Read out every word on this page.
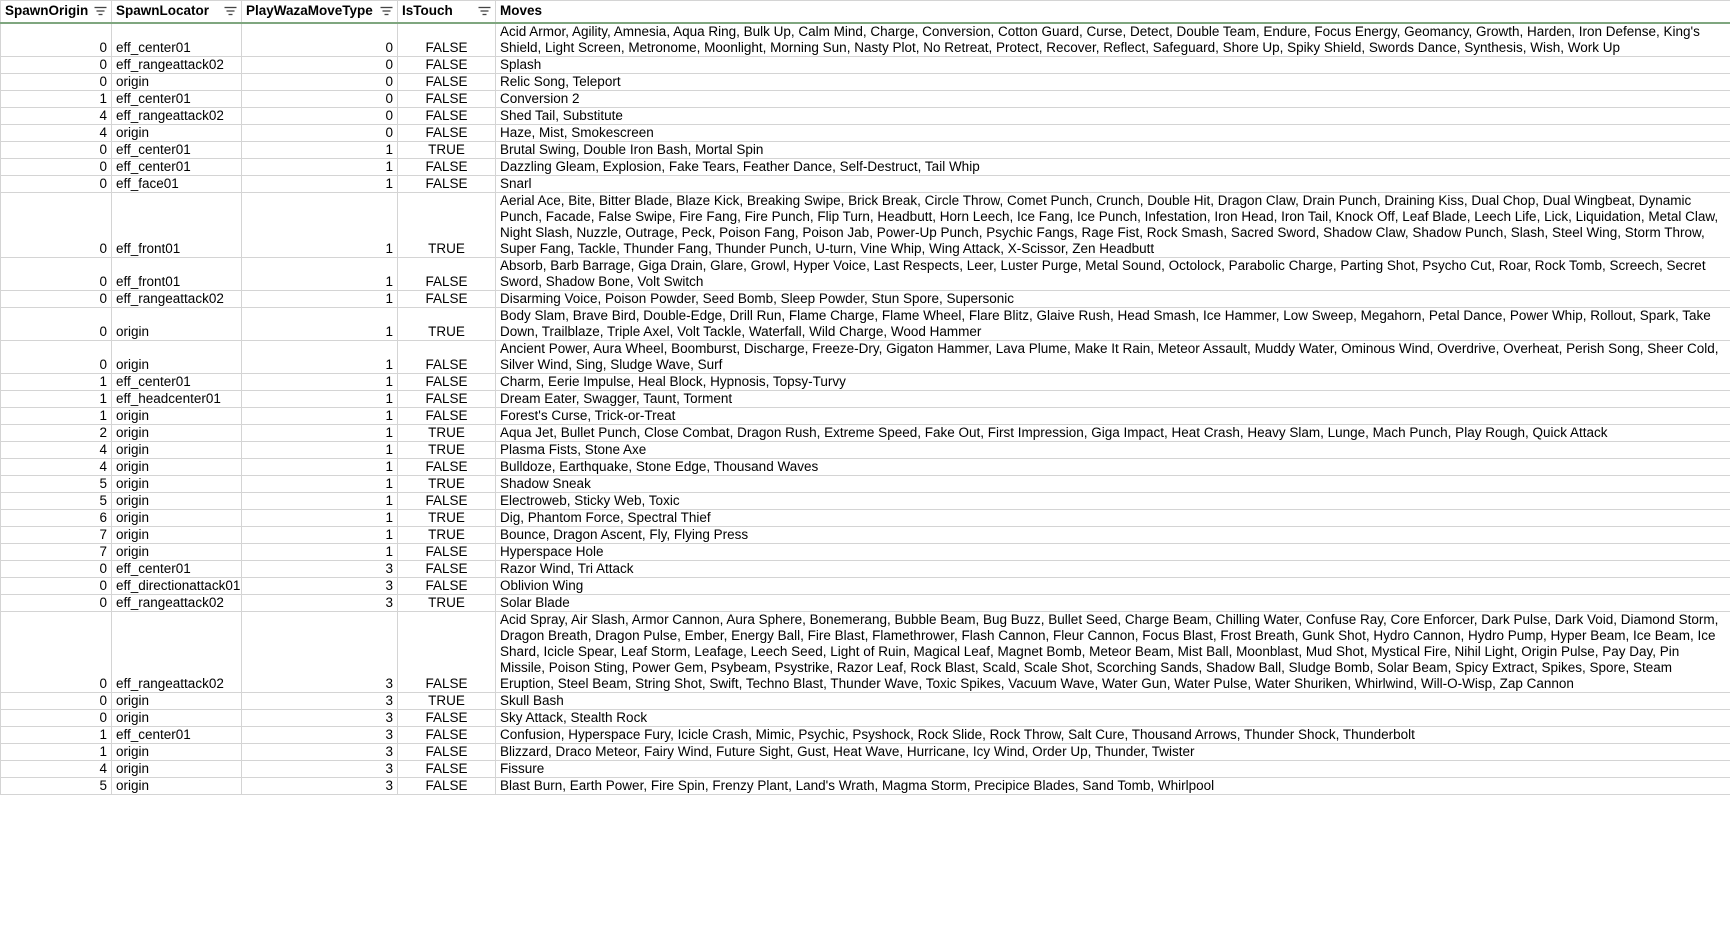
SpawnOrigin	SpawnLocator	PlayWazaMoveType	IsTouch	Moves
0	eff_center01	0	FALSE	Acid Armor, Agility, Amnesia, Aqua Ring, Bulk Up, Calm Mind, Charge, Conversion, Cotton Guard, Curse, Detect, Double Team, Endure, Focus Energy, Geomancy, Growth, Harden, Iron Defense, King's Shield, Light Screen, Metronome, Moonlight, Morning Sun, Nasty Plot, No Retreat, Protect, Recover, Reflect, Safeguard, Shore Up, Spiky Shield, Swords Dance, Synthesis, Wish, Work Up
0	eff_rangeattack02	0	FALSE	Splash
0	origin	0	FALSE	Relic Song, Teleport
1	eff_center01	0	FALSE	Conversion 2
4	eff_rangeattack02	0	FALSE	Shed Tail, Substitute
4	origin	0	FALSE	Haze, Mist, Smokescreen
0	eff_center01	1	TRUE	Brutal Swing, Double Iron Bash, Mortal Spin
0	eff_center01	1	FALSE	Dazzling Gleam, Explosion, Fake Tears, Feather Dance, Self-Destruct, Tail Whip
0	eff_face01	1	FALSE	Snarl
0	eff_front01	1	TRUE	Aerial Ace, Bite, Bitter Blade, Blaze Kick, Breaking Swipe, Brick Break, Circle Throw, Comet Punch, Crunch, Double Hit, Dragon Claw, Drain Punch, Draining Kiss, Dual Chop, Dual Wingbeat, Dynamic Punch, Facade, False Swipe, Fire Fang, Fire Punch, Flip Turn, Headbutt, Horn Leech, Ice Fang, Ice Punch, Infestation, Iron Head, Iron Tail, Knock Off, Leaf Blade, Leech Life, Lick, Liquidation, Metal Claw, Night Slash, Nuzzle, Outrage, Peck, Poison Fang, Poison Jab, Power-Up Punch, Psychic Fangs, Rage Fist, Rock Smash, Sacred Sword, Shadow Claw, Shadow Punch, Slash, Steel Wing, Storm Throw, Super Fang, Tackle, Thunder Fang, Thunder Punch, U-turn, Vine Whip, Wing Attack, X-Scissor, Zen Headbutt
0	eff_front01	1	FALSE	Absorb, Barb Barrage, Giga Drain, Glare, Growl, Hyper Voice, Last Respects, Leer, Luster Purge, Metal Sound, Octolock, Parabolic Charge, Parting Shot, Psycho Cut, Roar, Rock Tomb, Screech, Secret Sword, Shadow Bone, Volt Switch
0	eff_rangeattack02	1	FALSE	Disarming Voice, Poison Powder, Seed Bomb, Sleep Powder, Stun Spore, Supersonic
0	origin	1	TRUE	Body Slam, Brave Bird, Double-Edge, Drill Run, Flame Charge, Flame Wheel, Flare Blitz, Glaive Rush, Head Smash, Ice Hammer, Low Sweep, Megahorn, Petal Dance, Power Whip, Rollout, Spark, Take Down, Trailblaze, Triple Axel, Volt Tackle, Waterfall, Wild Charge, Wood Hammer
0	origin	1	FALSE	Ancient Power, Aura Wheel, Boomburst, Discharge, Freeze-Dry, Gigaton Hammer, Lava Plume, Make It Rain, Meteor Assault, Muddy Water, Ominous Wind, Overdrive, Overheat, Perish Song, Sheer Cold, Silver Wind, Sing, Sludge Wave, Surf
1	eff_center01	1	FALSE	Charm, Eerie Impulse, Heal Block, Hypnosis, Topsy-Turvy
1	eff_headcenter01	1	FALSE	Dream Eater, Swagger, Taunt, Torment
1	origin	1	FALSE	Forest's Curse, Trick-or-Treat
2	origin	1	TRUE	Aqua Jet, Bullet Punch, Close Combat, Dragon Rush, Extreme Speed, Fake Out, First Impression, Giga Impact, Heat Crash, Heavy Slam, Lunge, Mach Punch, Play Rough, Quick Attack
4	origin	1	TRUE	Plasma Fists, Stone Axe
4	origin	1	FALSE	Bulldoze, Earthquake, Stone Edge, Thousand Waves
5	origin	1	TRUE	Shadow Sneak
5	origin	1	FALSE	Electroweb, Sticky Web, Toxic
6	origin	1	TRUE	Dig, Phantom Force, Spectral Thief
7	origin	1	TRUE	Bounce, Dragon Ascent, Fly, Flying Press
7	origin	1	FALSE	Hyperspace Hole
0	eff_center01	3	FALSE	Razor Wind, Tri Attack
0	eff_directionattack01	3	FALSE	Oblivion Wing
0	eff_rangeattack02	3	TRUE	Solar Blade
0	eff_rangeattack02	3	FALSE	Acid Spray, Air Slash, Armor Cannon, Aura Sphere, Bonemerang, Bubble Beam, Bug Buzz, Bullet Seed, Charge Beam, Chilling Water, Confuse Ray, Core Enforcer, Dark Pulse, Dark Void, Diamond Storm, Dragon Breath, Dragon Pulse, Ember, Energy Ball, Fire Blast, Flamethrower, Flash Cannon, Fleur Cannon, Focus Blast, Frost Breath, Gunk Shot, Hydro Cannon, Hydro Pump, Hyper Beam, Ice Beam, Ice Shard, Icicle Spear, Leaf Storm, Leafage, Leech Seed, Light of Ruin, Magical Leaf, Magnet Bomb, Meteor Beam, Mist Ball, Moonblast, Mud Shot, Mystical Fire, Nihil Light, Origin Pulse, Pay Day, Pin Missile, Poison Sting, Power Gem, Psybeam, Psystrike, Razor Leaf, Rock Blast, Scald, Scale Shot, Scorching Sands, Shadow Ball, Sludge Bomb, Solar Beam, Spicy Extract, Spikes, Spore, Steam Eruption, Steel Beam, String Shot, Swift, Techno Blast, Thunder Wave, Toxic Spikes, Vacuum Wave, Water Gun, Water Pulse, Water Shuriken, Whirlwind, Will-O-Wisp, Zap Cannon
0	origin	3	TRUE	Skull Bash
0	origin	3	FALSE	Sky Attack, Stealth Rock
1	eff_center01	3	FALSE	Confusion, Hyperspace Fury, Icicle Crash, Mimic, Psychic, Psyshock, Rock Slide, Rock Throw, Salt Cure, Thousand Arrows, Thunder Shock, Thunderbolt
1	origin	3	FALSE	Blizzard, Draco Meteor, Fairy Wind, Future Sight, Gust, Heat Wave, Hurricane, Icy Wind, Order Up, Thunder, Twister
4	origin	3	FALSE	Fissure
5	origin	3	FALSE	Blast Burn, Earth Power, Fire Spin, Frenzy Plant, Land's Wrath, Magma Storm, Precipice Blades, Sand Tomb, Whirlpool
